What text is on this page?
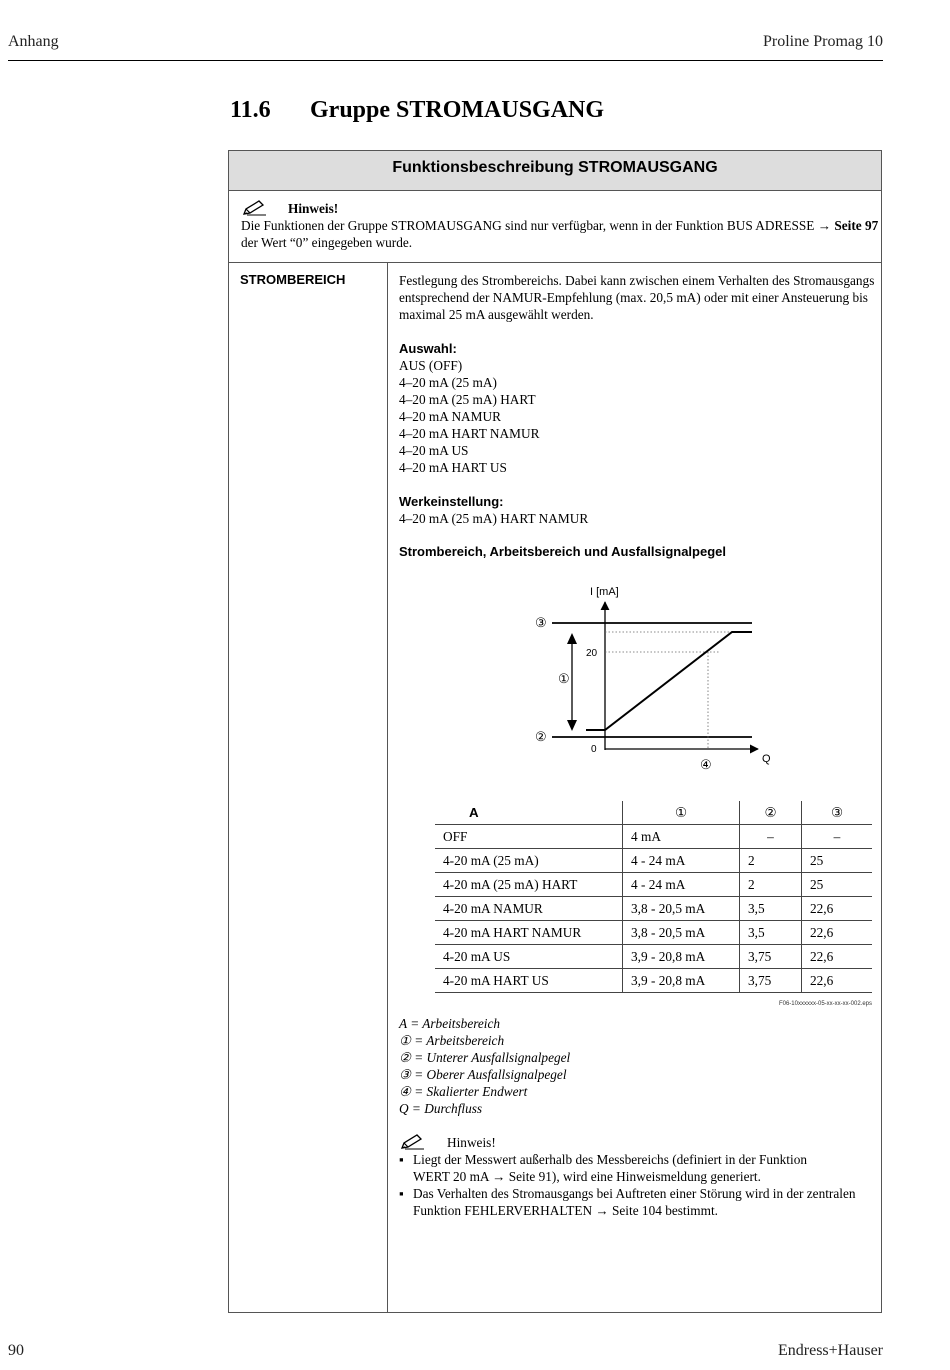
Anhang	Proline Promag 10
11.6 Gruppe STROMAUSGANG
Funktionsbeschreibung STROMAUSGANG
Hinweis!
Die Funktionen der Gruppe STROMAUSGANG sind nur verfügbar, wenn in der Funktion BUS ADRESSE → Seite 97
der Wert “0” eingegeben wurde.
STROMBEREICH	Festlegung des Strombereichs. Dabei kann zwischen einem Verhalten des Stromausgangs
entsprechend der NAMUR-Empfehlung (max. 20,5 mA) oder mit einer Ansteuerung bis
maximal 25 mA ausgewählt werden.
Auswahl:
AUS (OFF)
4–20 mA (25 mA)
4–20 mA (25 mA) HART
4–20 mA NAMUR
4–20 mA HART NAMUR
4–20 mA US
4–20 mA HART US
Werkeinstellung:
4–20 mA (25 mA) HART NAMUR
Strombereich, Arbeitsbereich und Ausfallsignalpegel
I [mA]
Q
20
0
③
①
②
④
A	①	②	③
OFF	4 mA	–	–
4-20 mA (25 mA)	4 - 24 mA	2	25
4-20 mA (25 mA) HART	4 - 24 mA	2	25
4-20 mA NAMUR	3,8 - 20,5 mA	3,5	22,6
4-20 mA HART NAMUR	3,8 - 20,5 mA	3,5	22,6
4-20 mA US	3,9 - 20,8 mA	3,75	22,6
4-20 mA HART US	3,9 - 20,8 mA	3,75	22,6
F06-10xxxxxx-05-xx-xx-xx-002.eps
A = Arbeitsbereich
① = Arbeitsbereich
② = Unterer Ausfallsignalpegel
③ = Oberer Ausfallsignalpegel
④ = Skalierter Endwert
Q = Durchfluss
Hinweis!
▪ Liegt der Messwert außerhalb des Messbereichs (definiert in der Funktion
WERT 20 mA → Seite 91), wird eine Hinweismeldung generiert.
▪ Das Verhalten des Stromausgangs bei Auftreten einer Störung wird in der zentralen
Funktion FEHLERVERHALTEN → Seite 104 bestimmt.
90	Endress+Hauser
